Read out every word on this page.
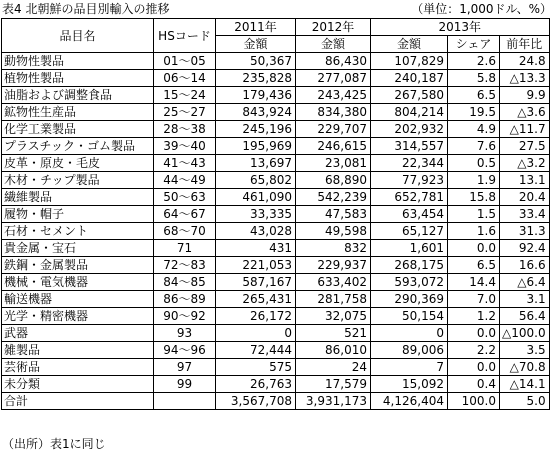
表4 北朝鮮の品目別輸入の推移	（単位：1,000ドル、%）
品目名	HSコード	2011年	2012年	2013年		
		金額	金額	金額	シェア	前年比
動物性製品	01～05	50,367	86,430	107,829	2.6	24.8
植物性製品	06～14	235,828	277,087	240,187	5.8	△13.3
油脂および調整食品	15～24	179,436	243,425	267,580	6.5	9.9
鉱物性生産品	25～27	843,924	834,380	804,214	19.5	△3.6
化学工業製品	28～38	245,196	229,707	202,932	4.9	△11.7
プラスチック・ゴム製品	39～40	195,969	246,615	314,557	7.6	27.5
皮革・原皮・毛皮	41～43	13,697	23,081	22,344	0.5	△3.2
木材・チップ製品	44～49	65,802	68,890	77,923	1.9	13.1
繊維製品	50～63	461,090	542,239	652,781	15.8	20.4
履物・帽子	64～67	33,335	47,583	63,454	1.5	33.4
石材・セメント	68～70	43,028	49,598	65,127	1.6	31.3
貴金属・宝石	71	431	832	1,601	0.0	92.4
鉄鋼・金属製品	72～83	221,053	229,937	268,175	6.5	16.6
機械・電気機器	84～85	587,167	633,402	593,072	14.4	△6.4
輸送機器	86～89	265,431	281,758	290,369	7.0	3.1
光学・精密機器	90～92	26,172	32,075	50,154	1.2	56.4
武器	93	0	521	0	0.0	△100.0
雑製品	94～96	72,444	86,010	89,006	2.2	3.5
芸術品	97	575	24	7	0.0	△70.8
未分類	99	26,763	17,579	15,092	0.4	△14.1
合計		3,567,708	3,931,173	4,126,404	100.0	5.0
（出所）表1に同じ
